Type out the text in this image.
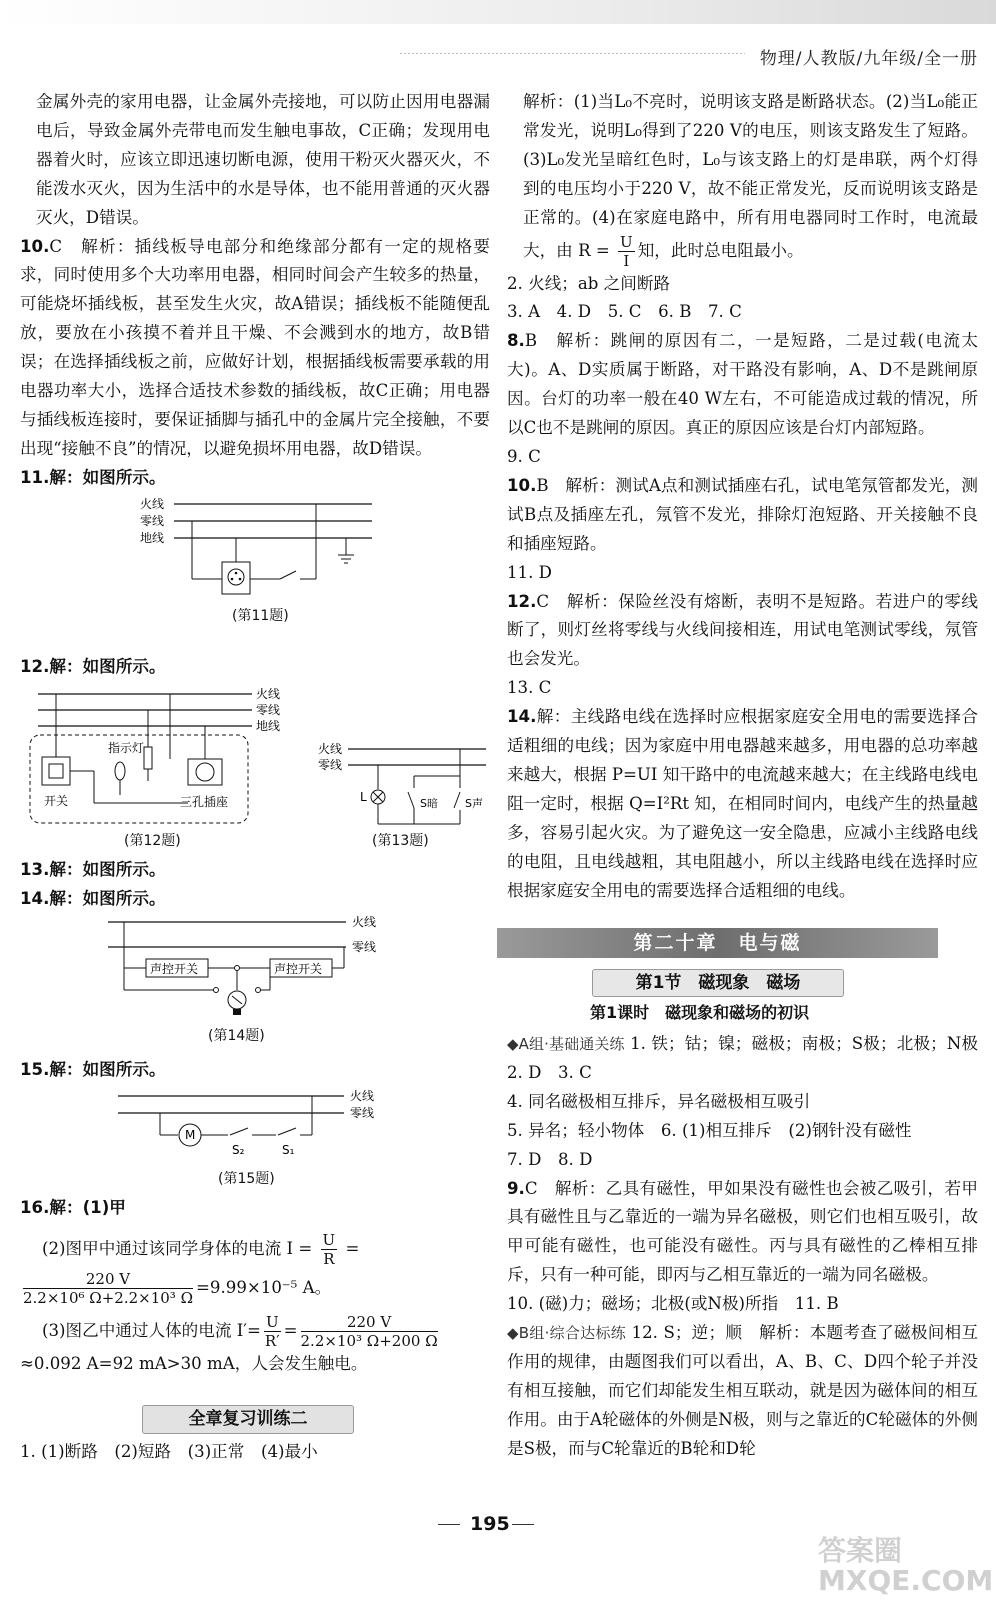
物理/人教版/九年级/全一册

金属外壳的家用电器，让金属外壳接地，可以防止因用电器漏电后，导致金属外壳带电而发生触电事故，C正确；发现用电器着火时，应该立即迅速切断电源，使用干粉灭火器灭火，不能泼水灭火，因为生活中的水是导体，也不能用普通的灭火器灭火，D错误。

10.C　解析：插线板导电部分和绝缘部分都有一定的规格要求，同时使用多个大功率用电器，相同时间会产生较多的热量，可能烧坏插线板，甚至发生火灾，故A错误；插线板不能随便乱放，要放在小孩摸不着并且干燥、不会溅到水的地方，故B错误；在选择插线板之前，应做好计划，根据插线板需要承载的用电器功率大小，选择合适技术参数的插线板，故C正确；用电器与插线板连接时，要保证插脚与插孔中的金属片完全接触，不要出现“接触不良”的情况，以避免损坏用电器，故D错误。

11.解：如图所示。

火线
零线
地线
(第11题)

12.解：如图所示。

火线
零线
地线
开关
指示灯
三孔插座
(第12题)
火线
零线
L	S暗 S声
(第13题)

13.解：如图所示。

14.解：如图所示。

火线
零线
声控开关	声控开关
(第14题)

15.解：如图所示。

火线
零线
M
S₂	S₁
(第15题)

16.解：(1)甲

(2)图甲中通过该同学身体的电流 $I = \frac{U}{R}$ =

$\frac{220 V}{\text{2.2×10⁶ Ω+2.2×10³ Ω}} =9.99\times 10^{-5}$ A。

(3)图乙中通过人体的电流 $I'= \frac{U}{R'} = \frac{220 V}{\text{2.2×10³ Ω+200 Ω}}$

≈0.092 A=92 mA>30 mA，人会发生触电。

全章复习训练二

1. (1)断路　(2)短路　(3)正常　(4)最小

解析：(1)当L₀不亮时，说明该支路是断路状态。(2)当L₀能正常发光，说明L₀得到了220 V的电压，则该支路发生了短路。(3)L₀发光呈暗红色时，L₀与该支路上的灯是串联，两个灯得到的电压均小于220 V，故不能正常发光，反而说明该支路是正常的。(4)在家庭电路中，所有用电器同时工作时，电流最大，由 $R = \frac{U}{I}$ 知，此时总电阻最小。

2. 火线；ab 之间断路

3. A　4. D　5. C　6. B　7. C

8.B　解析：跳闸的原因有二，一是短路，二是过载(电流太大)。A、D实质属于断路，对干路没有影响，A、D不是跳闸原因。台灯的功率一般在40 W左右，不可能造成过载的情况，所以C也不是跳闸的原因。真正的原因应该是台灯内部短路。

9. C

10.B　解析：测试A点和测试插座右孔，试电笔氖管都发光，测试B点及插座左孔，氖管不发光，排除灯泡短路、开关接触不良和插座短路。

11. D

12.C　解析：保险丝没有熔断，表明不是短路。若进户的零线断了，则灯丝将零线与火线间接相连，用试电笔测试零线，氖管也会发光。

13. C

14.解：主线路电线在选择时应根据家庭安全用电的需要选择合适粗细的电线；因为家庭中用电器越来越多，用电器的总功率越来越大，根据 P=UI 知干路中的电流越来越大；在主线路电线电阻一定时，根据 Q=I²Rt 知，在相同时间内，电线产生的热量越多，容易引起火灾。为了避免这一安全隐患，应减小主线路电线的电阻，且电线越粗，其电阻越小，所以主线路电线在选择时应根据家庭安全用电的需要选择合适粗细的电线。

第二十章　电与磁
第1节　磁现象　磁场
第1课时　磁现象和磁场的初识

◆A组·基础通关练 1. 铁；钴；镍；磁极；南极；S极；北极；N极　2. D　3. C

4. 同名磁极相互排斥，异名磁极相互吸引

5. 异名；轻小物体　6. (1)相互排斥　(2)钢针没有磁性

7. D　8. D

9.C　解析：乙具有磁性，甲如果没有磁性也会被乙吸引，若甲具有磁性且与乙靠近的一端为异名磁极，则它们也相互吸引，故甲可能有磁性，也可能没有磁性。丙与具有磁性的乙棒相互排斥，只有一种可能，即丙与乙相互靠近的一端为同名磁极。

10. (磁)力；磁场；北极(或N极)所指　11. B

◆B组·综合达标练 12. S；逆；顺　解析：本题考查了磁极间相互作用的规律，由题图我们可以看出，A、B、C、D四个轮子并没有相互接触，而它们却能发生相互联动，就是因为磁体间的相互作用。由于A轮磁体的外侧是N极，则与之靠近的C轮磁体的外侧是S极，而与C轮靠近的B轮和D轮

195
答案圈 MXQE.COM
